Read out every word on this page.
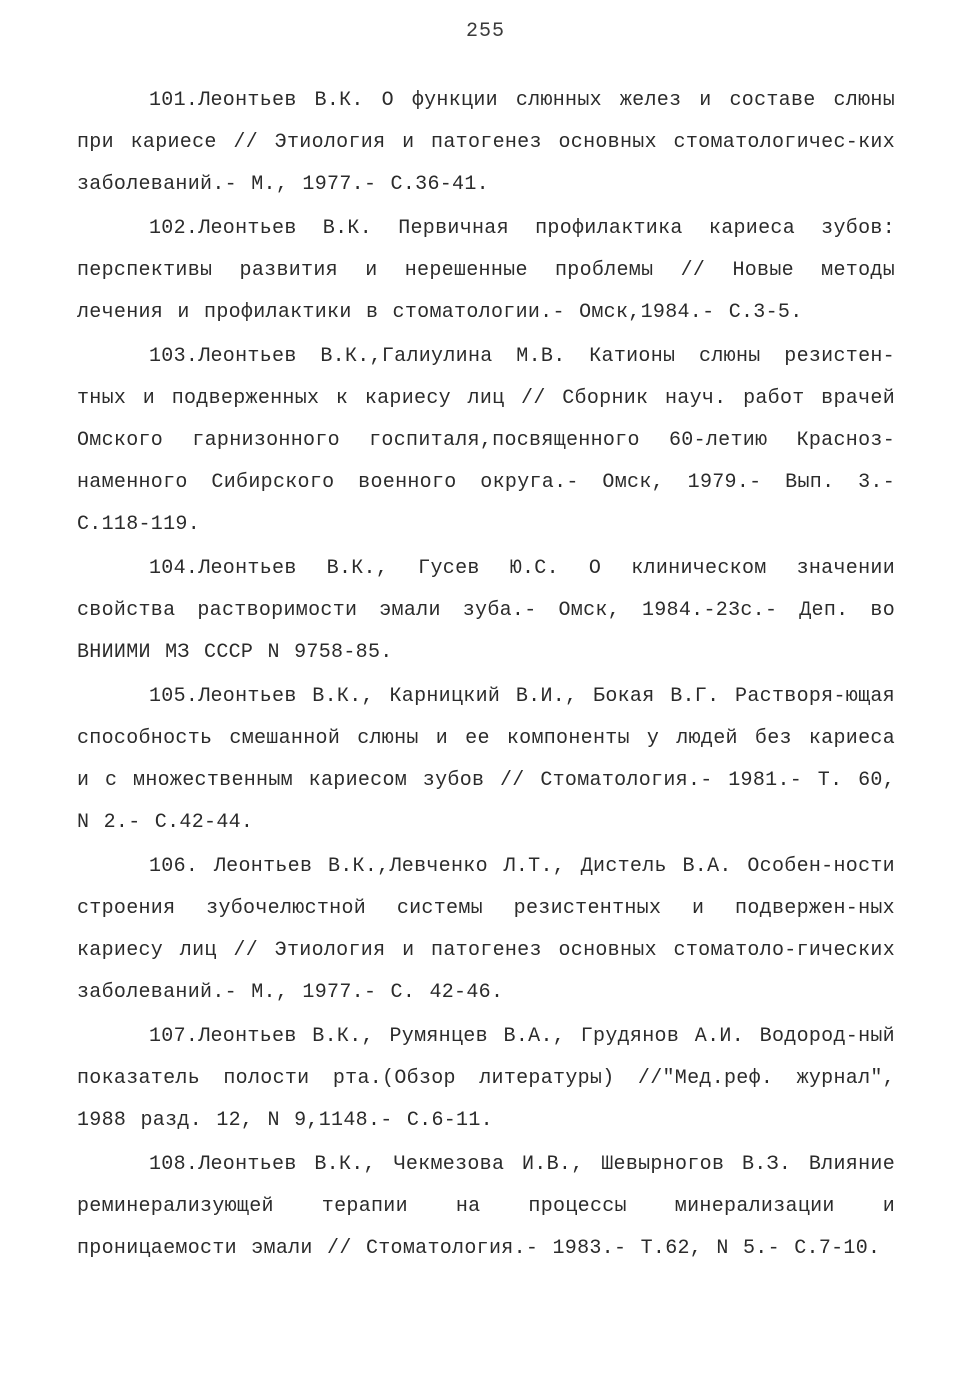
255

101.Леонтьев В.К. О функции слюнных желез и составе слюны при кариесе // Этиология и патогенез основных стоматологичес-ких заболеваний.- М., 1977.- С.36-41.

102.Леонтьев В.К. Первичная профилактика кариеса зубов: перспективы развития и нерешенные проблемы // Новые методы лечения и профилактики в стоматологии.- Омск,1984.- С.3-5.

103.Леонтьев В.К.,Галиулина М.В. Катионы слюны резистен-тных и подверженных к кариесу лиц // Сборник науч. работ врачей Омского гарнизонного госпиталя,посвященного 60-летию Краснoз-наменного Сибирского военного округа.- Омск, 1979.- Вып. 3.- С.118-119.

104.Леонтьев В.К., Гусев Ю.С. О клиническом значении свойства растворимости эмали зуба.- Омск, 1984.-23с.- Деп. во ВНИИМИ МЗ СССР N 9758-85.

105.Леонтьев В.К., Карницкий В.И., Бокая В.Г. Растворя-ющая способность смешанной слюны и ее компоненты у людей без кариеса и с множественным кариесом зубов // Стоматология.- 1981.- Т. 60, N 2.- С.42-44.

106. Леонтьев В.К.,Левченко Л.Т., Дистель В.А. Особен-ности строения зубочелюстной системы резистентных и подвержен-ных кариесу лиц // Этиология и патогенез основных стоматоло-гических заболеваний.- М., 1977.- С. 42-46.

107.Леонтьев В.К., Румянцев В.А., Грудянов А.И. Водород-ный показатель полости рта.(Обзор литературы) //"Мед.реф. журнал", 1988 разд. 12, N 9,1148.- С.6-11.

108.Леонтьев В.К., Чекмезова И.В., Шевырногов В.З. Влияние реминерализующей терапии на процессы минерализации и проницаемости эмали // Стоматология.- 1983.- Т.62, N 5.- С.7-10.
